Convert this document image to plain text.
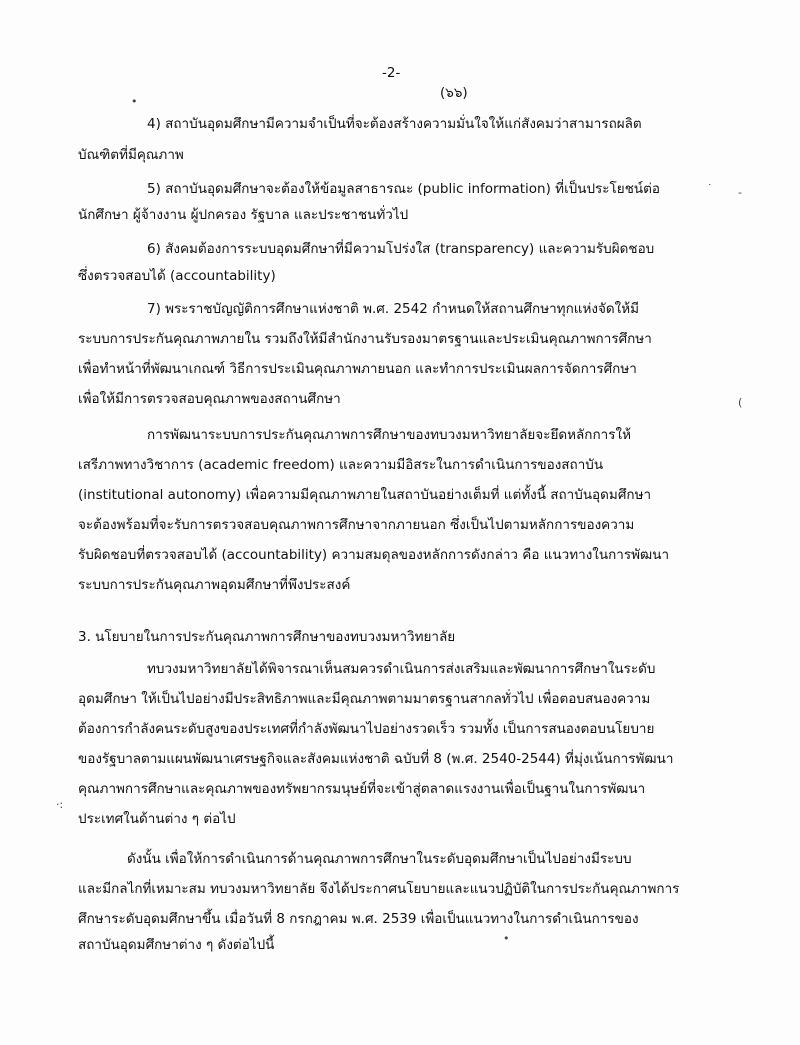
-2-
(๖๖)
4) สถาบันอุดมศึกษามีความจำเป็นที่จะต้องสร้างความมั่นใจให้แก่สังคมว่าสามารถผลิต
บัณฑิตที่มีคุณภาพ
5) สถาบันอุดมศึกษาจะต้องให้ข้อมูลสาธารณะ (public information) ที่เป็นประโยชน์ต่อ
นักศึกษา ผู้จ้างงาน ผู้ปกครอง รัฐบาล และประชาชนทั่วไป
6) สังคมต้องการระบบอุดมศึกษาที่มีความโปร่งใส (transparency) และความรับผิดชอบ
ซึ่งตรวจสอบได้ (accountability)
7) พระราชบัญญัติการศึกษาแห่งชาติ พ.ศ. 2542 กำหนดให้สถานศึกษาทุกแห่งจัดให้มี
ระบบการประกันคุณภาพภายใน รวมถึงให้มีสำนักงานรับรองมาตรฐานและประเมินคุณภาพการศึกษา
เพื่อทำหน้าที่พัฒนาเกณฑ์ วิธีการประเมินคุณภาพภายนอก และทำการประเมินผลการจัดการศึกษา
เพื่อให้มีการตรวจสอบคุณภาพของสถานศึกษา
การพัฒนาระบบการประกันคุณภาพการศึกษาของทบวงมหาวิทยาลัยจะยึดหลักการให้
เสรีภาพทางวิชาการ (academic freedom) และความมีอิสระในการดำเนินการของสถาบัน
(institutional autonomy) เพื่อความมีคุณภาพภายในสถาบันอย่างเต็มที่ แต่ทั้งนี้ สถาบันอุดมศึกษา
จะต้องพร้อมที่จะรับการตรวจสอบคุณภาพการศึกษาจากภายนอก ซึ่งเป็นไปตามหลักการของความ
รับผิดชอบที่ตรวจสอบได้ (accountability) ความสมดุลของหลักการดังกล่าว คือ แนวทางในการพัฒนา
ระบบการประกันคุณภาพอุดมศึกษาที่พึงประสงค์
3. นโยบายในการประกันคุณภาพการศึกษาของทบวงมหาวิทยาลัย
ทบวงมหาวิทยาลัยได้พิจารณาเห็นสมควรดำเนินการส่งเสริมและพัฒนาการศึกษาในระดับ
อุดมศึกษา ให้เป็นไปอย่างมีประสิทธิภาพและมีคุณภาพตามมาตรฐานสากลทั่วไป เพื่อตอบสนองความ
ต้องการกำลังคนระดับสูงของประเทศที่กำลังพัฒนาไปอย่างรวดเร็ว รวมทั้ง เป็นการสนองตอบนโยบาย
ของรัฐบาลตามแผนพัฒนาเศรษฐกิจและสังคมแห่งชาติ ฉบับที่ 8 (พ.ศ. 2540-2544) ที่มุ่งเน้นการพัฒนา
คุณภาพการศึกษาและคุณภาพของทรัพยากรมนุษย์ที่จะเข้าสู่ตลาดแรงงานเพื่อเป็นฐานในการพัฒนา
ประเทศในด้านต่าง ๆ ต่อไป
ดังนั้น เพื่อให้การดำเนินการด้านคุณภาพการศึกษาในระดับอุดมศึกษาเป็นไปอย่างมีระบบ
และมีกลไกที่เหมาะสม ทบวงมหาวิทยาลัย จึงได้ประกาศนโยบายและแนวปฏิบัติในการประกันคุณภาพการ
ศึกษาระดับอุดมศึกษาขึ้น เมื่อวันที่ 8 กรกฎาคม พ.ศ. 2539 เพื่อเป็นแนวทางในการดำเนินการของ
สถาบันอุดมศึกษาต่าง ๆ ดังต่อไปนี้
•
-
˙
(
•
·:
